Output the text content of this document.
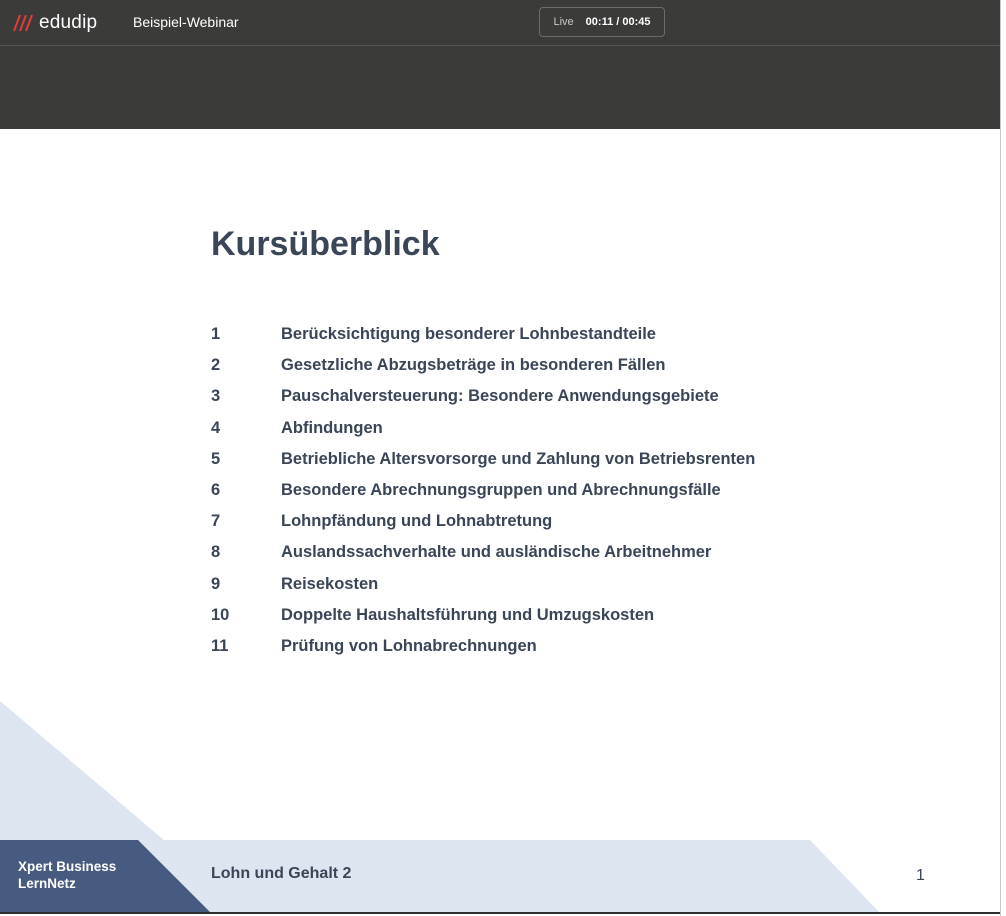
edudip	Beispiel-Webinar	Live 00:11 / 00:45
Kursüberblick
1	Berücksichtigung besonderer Lohnbestandteile
2	Gesetzliche Abzugsbeträge in besonderen Fällen
3	Pauschalversteuerung: Besondere Anwendungsgebiete
4	Abfindungen
5	Betriebliche Altersvorsorge und Zahlung von Betriebsrenten
6	Besondere Abrechnungsgruppen und Abrechnungsfälle
7	Lohnpfändung und Lohnabtretung
8	Auslandssachverhalte und ausländische Arbeitnehmer
9	Reisekosten
10	Doppelte Haushaltsführung und Umzugskosten
11	Prüfung von Lohnabrechnungen
Xpert Business
LernNetz
Lohn und Gehalt 2	1
